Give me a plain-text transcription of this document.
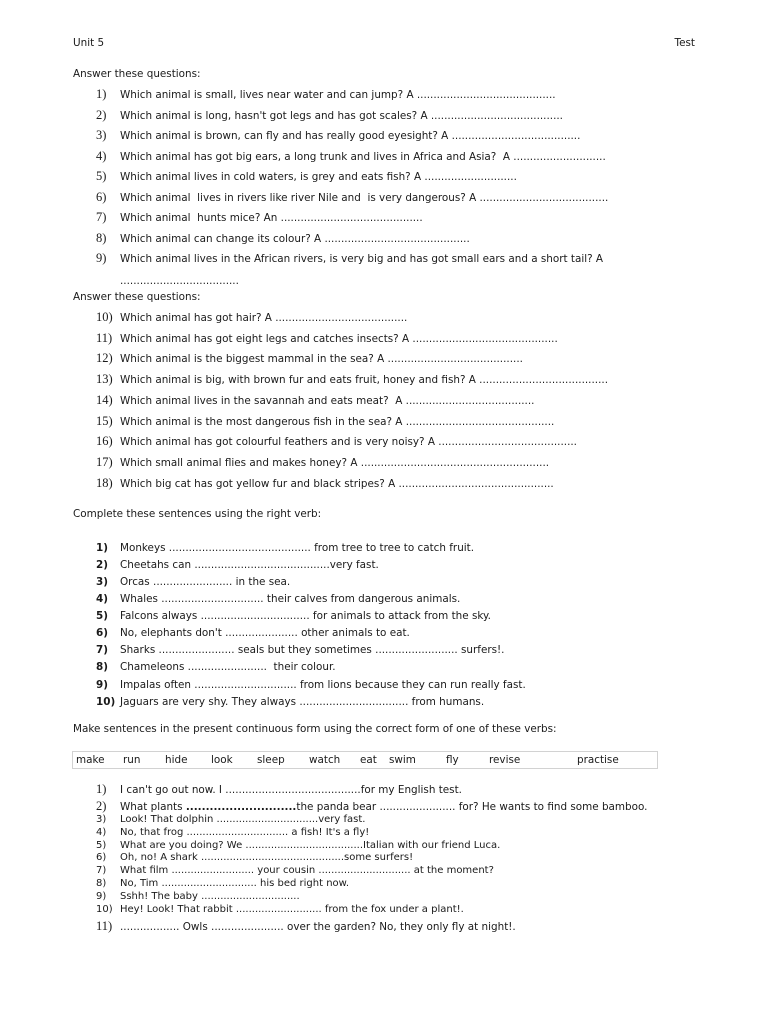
Unit 5	Test
Answer these questions:
1) Which animal is small, lives near water and can jump? A ..........................................
2) Which animal is long, hasn't got legs and has got scales? A ........................................
3) Which animal is brown, can fly and has really good eyesight? A .......................................
4) Which animal has got big ears, a long trunk and lives in Africa and Asia?  A ............................
5) Which animal lives in cold waters, is grey and eats fish? A ............................
6) Which animal  lives in rivers like river Nile and  is very dangerous? A .......................................
7) Which animal  hunts mice? An ...........................................
8) Which animal can change its colour? A ............................................
9) Which animal lives in the African rivers, is very big and has got small ears and a short tail? A
....................................
Answer these questions:
10) Which animal has got hair? A ........................................
11) Which animal has got eight legs and catches insects? A ............................................
12) Which animal is the biggest mammal in the sea? A .........................................
13) Which animal is big, with brown fur and eats fruit, honey and fish? A .......................................
14) Which animal lives in the savannah and eats meat?  A .......................................
15) Which animal is the most dangerous fish in the sea? A .............................................
16) Which animal has got colourful feathers and is very noisy? A ..........................................
17) Which small animal flies and makes honey? A .........................................................
18) Which big cat has got yellow fur and black stripes? A ...............................................
Complete these sentences using the right verb:
1) Monkeys ........................................... from tree to tree to catch fruit.
2) Cheetahs can .........................................very fast.
3) Orcas ........................ in the sea.
4) Whales ............................... their calves from dangerous animals.
5) Falcons always ................................. for animals to attack from the sky.
6) No, elephants don't ...................... other animals to eat.
7) Sharks ....................... seals but they sometimes ......................... surfers!.
8) Chameleons ........................  their colour.
9) Impalas often ............................... from lions because they can run really fast.
10) Jaguars are very shy. They always ................................. from humans.
Make sentences in the present continuous form using the correct form of one of these verbs:
make run hide look sleep watch eat swim	fly	revise	practise
1) I can't go out now. I .........................................for my English test.
2) What plants ............................the panda bear ....................... for? He wants to find some bamboo.
3) Look! That dolphin ................................very fast.
4) No, that frog ................................ a fish! It's a fly!
5) What are you doing? We .....................................Italian with our friend Luca.
6) Oh, no! A shark .............................................some surfers!
7) What film .......................... your cousin ............................. at the moment?
8) No, Tim .............................. his bed right now.
9) Sshh! The baby ...............................
10) Hey! Look! That rabbit ........................... from the fox under a plant!.
11) .................. Owls ...................... over the garden? No, they only fly at night!.
